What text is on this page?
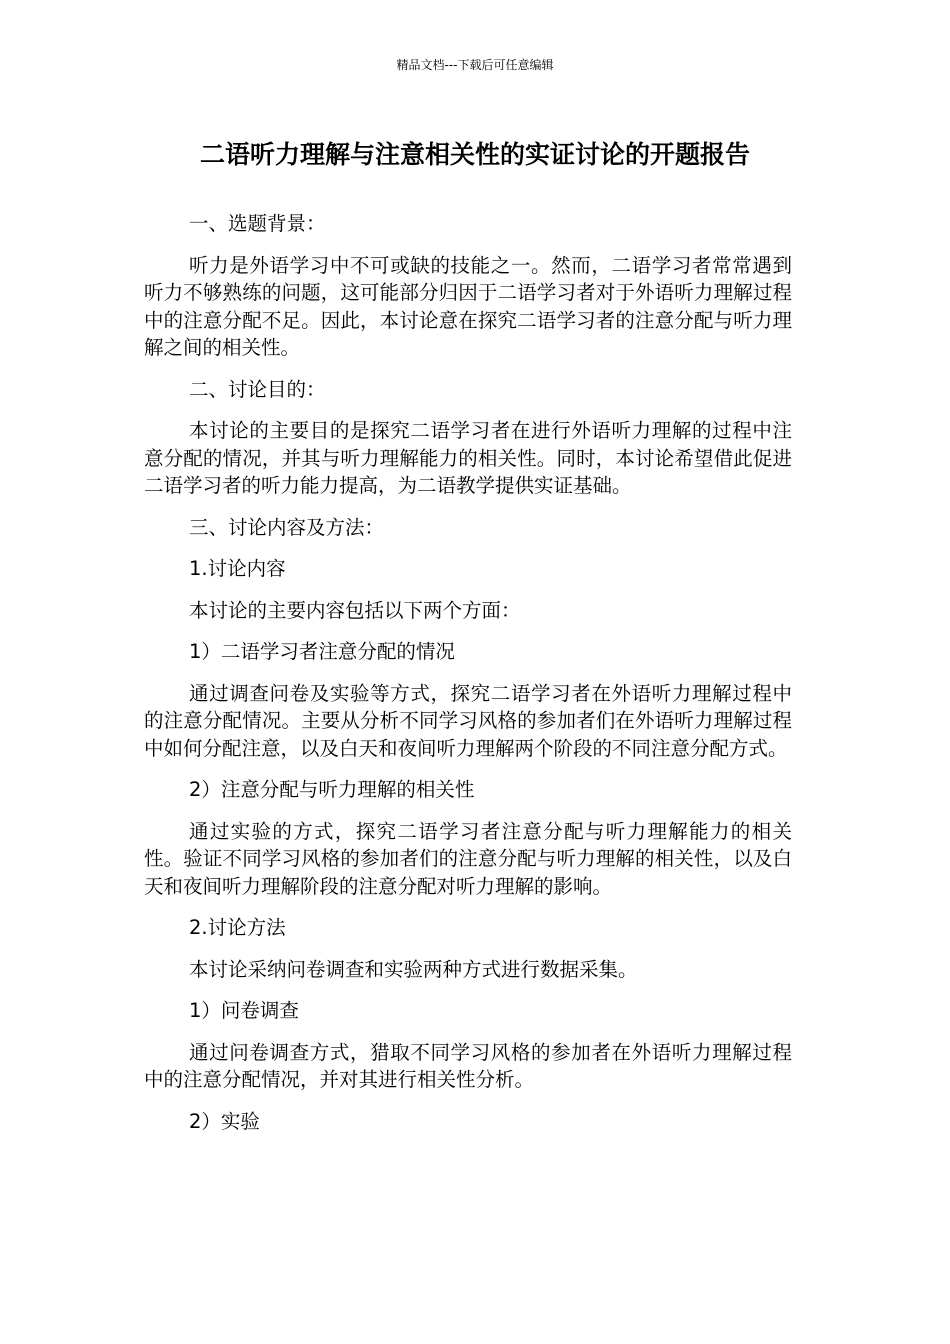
精品文档---下载后可任意编辑
二语听力理解与注意相关性的实证讨论的开题报告

一、选题背景：

听力是外语学习中不可或缺的技能之一。然而，二语学习者常常遇到听力不够熟练的问题，这可能部分归因于二语学习者对于外语听力理解过程中的注意分配不足。因此，本讨论意在探究二语学习者的注意分配与听力理解之间的相关性。

二、讨论目的：

本讨论的主要目的是探究二语学习者在进行外语听力理解的过程中注意分配的情况，并其与听力理解能力的相关性。同时，本讨论希望借此促进二语学习者的听力能力提高，为二语教学提供实证基础。

三、讨论内容及方法：

1.讨论内容

本讨论的主要内容包括以下两个方面：

1）二语学习者注意分配的情况

通过调查问卷及实验等方式，探究二语学习者在外语听力理解过程中的注意分配情况。主要从分析不同学习风格的参加者们在外语听力理解过程中如何分配注意，以及白天和夜间听力理解两个阶段的不同注意分配方式。

2）注意分配与听力理解的相关性

通过实验的方式，探究二语学习者注意分配与听力理解能力的相关性。验证不同学习风格的参加者们的注意分配与听力理解的相关性，以及白天和夜间听力理解阶段的注意分配对听力理解的影响。

2.讨论方法

本讨论采纳问卷调查和实验两种方式进行数据采集。

1）问卷调查

通过问卷调查方式，猎取不同学习风格的参加者在外语听力理解过程中的注意分配情况，并对其进行相关性分析。

2）实验
